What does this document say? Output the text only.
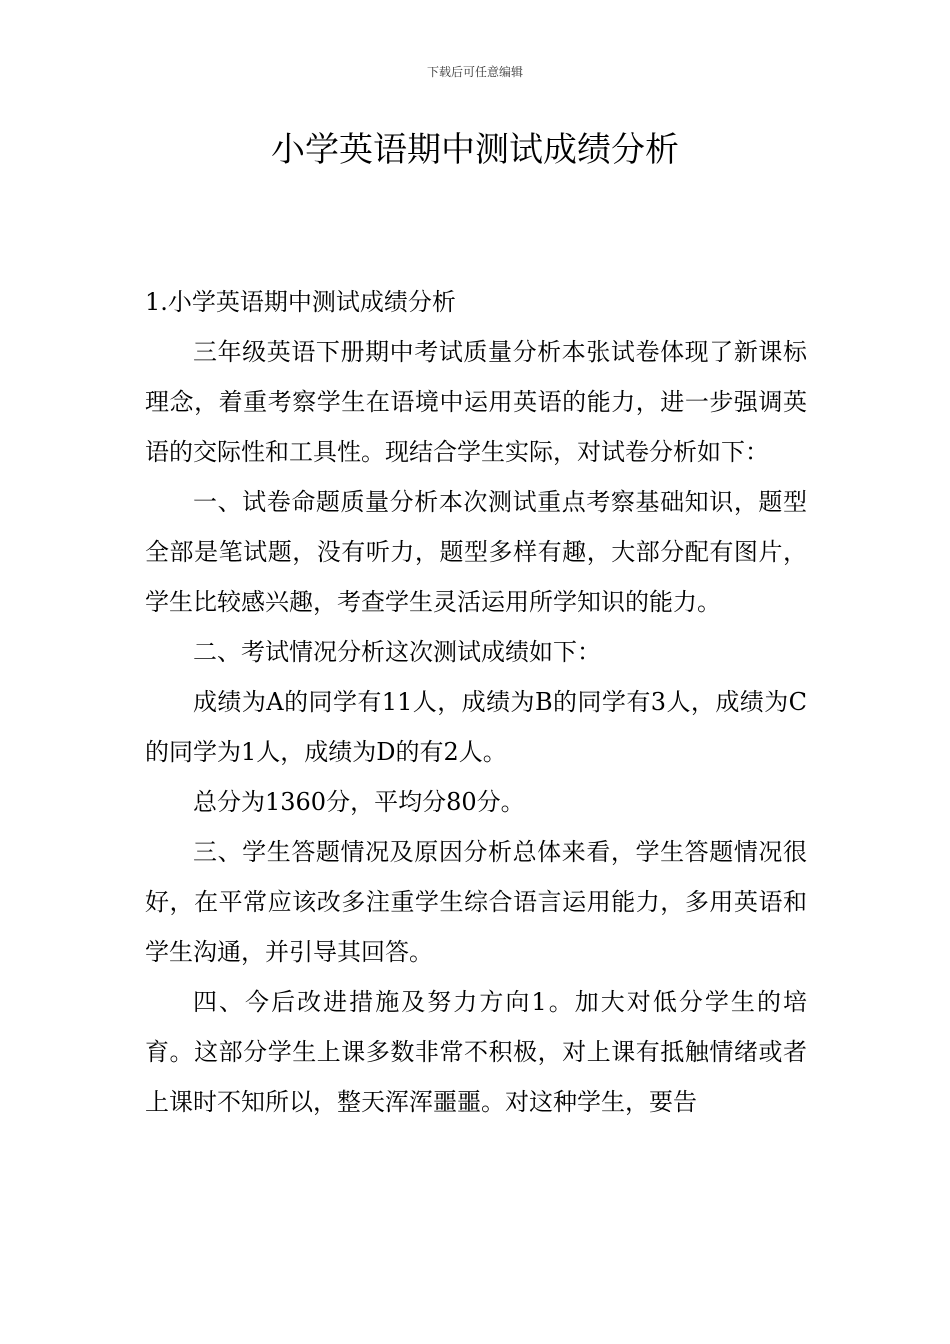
下载后可任意编辑
小学英语期中测试成绩分析

1.小学英语期中测试成绩分析

三年级英语下册期中考试质量分析本张试卷体现了新课标理念，着重考察学生在语境中运用英语的能力，进一步强调英语的交际性和工具性。现结合学生实际，对试卷分析如下：

一、试卷命题质量分析本次测试重点考察基础知识，题型全部是笔试题，没有听力，题型多样有趣，大部分配有图片，学生比较感兴趣，考查学生灵活运用所学知识的能力。

二、考试情况分析这次测试成绩如下：

成绩为A的同学有11人，成绩为B的同学有3人，成绩为C的同学为1人，成绩为D的有2人。

总分为1360分，平均分80分。

三、学生答题情况及原因分析总体来看，学生答题情况很好，在平常应该改多注重学生综合语言运用能力，多用英语和学生沟通，并引导其回答。

四、今后改进措施及努力方向1。加大对低分学生的培育。这部分学生上课多数非常不积极，对上课有抵触情绪或者上课时不知所以，整天浑浑噩噩。对这种学生，要告
